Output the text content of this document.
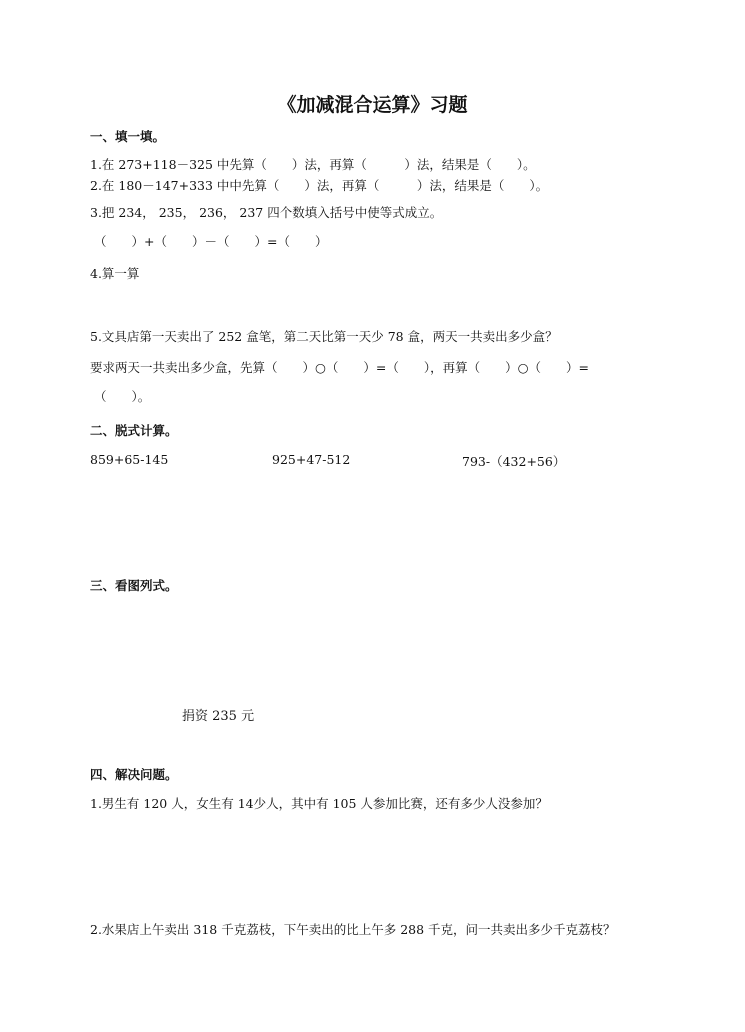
《加减混合运算》习题
一、填一填。
1.在 273+118－325 中先算（　　）法，再算（　　　）法，结果是（　　）。
2.在 180－147+333 中中先算（　　）法，再算（　　　）法，结果是（　　）。
3.把 234， 235， 236， 237 四个数填入括号中使等式成立。
（　　）+（　　）－（　　）=（　　）
4.算一算
5.文具店第一天卖出了 252 盒笔，第二天比第一天少 78 盒，两天一共卖出多少盒？
要求两天一共卖出多少盒，先算（　　）○（　　）=（　　），再算（　　）○（　　）=
（　　）。
二、脱式计算。
859+65-145	925+47-512	793-（432+56）
三、看图列式。
捐资 235 元
四、解决问题。
1.男生有 120 人，女生有 14少人，其中有 105 人参加比赛，还有多少人没参加？
2.水果店上午卖出 318 千克荔枝，下午卖出的比上午多 288 千克，问一共卖出多少千克荔枝？
